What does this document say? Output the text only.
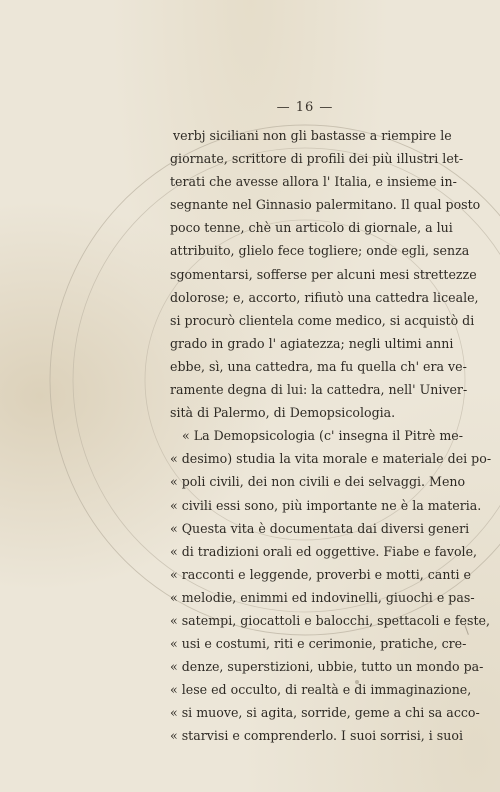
— 16 —
verbj siciliani non gli bastasse a riempire le
giornate, scrittore di profili dei più illustri let-
terati che avesse allora l' Italia, e insieme in-
segnante nel Ginnasio palermitano. Il qual posto
poco tenne, chè un articolo di giornale, a lui
attribuito, glielo fece togliere; onde egli, senza
sgomentarsi, sofferse per alcuni mesi strettezze
dolorose; e, accorto, rifiutò una cattedra liceale,
si procurò clientela come medico, si acquistò di
grado in grado l' agiatezza; negli ultimi anni
ebbe, sì, una cattedra, ma fu quella ch' era ve-
ramente degna di lui: la cattedra, nell' Univer-
sità di Palermo, di Demopsicologia.
« La Demopsicologia (c' insegna il Pitrè me-
« desimo) studia la vita morale e materiale dei po-
« poli civili, dei non civili e dei selvaggi. Meno
« civili essi sono, più importante ne è la materia.
« Questa vita è documentata dai diversi generi
« di tradizioni orali ed oggettive. Fiabe e favole,
« racconti e leggende, proverbi e motti, canti e
« melodie, enimmi ed indovinelli, giuochi e pas-
« satempi, giocattoli e balocchi, spettacoli e feste,
« usi e costumi, riti e cerimonie, pratiche, cre-
« denze, superstizioni, ubbie, tutto un mondo pa-
« lese ed occulto, di realtà e di immaginazione,
« si muove, si agita, sorride, geme a chi sa acco-
« starvisi e comprenderlo. I suoi sorrisi, i suoi
